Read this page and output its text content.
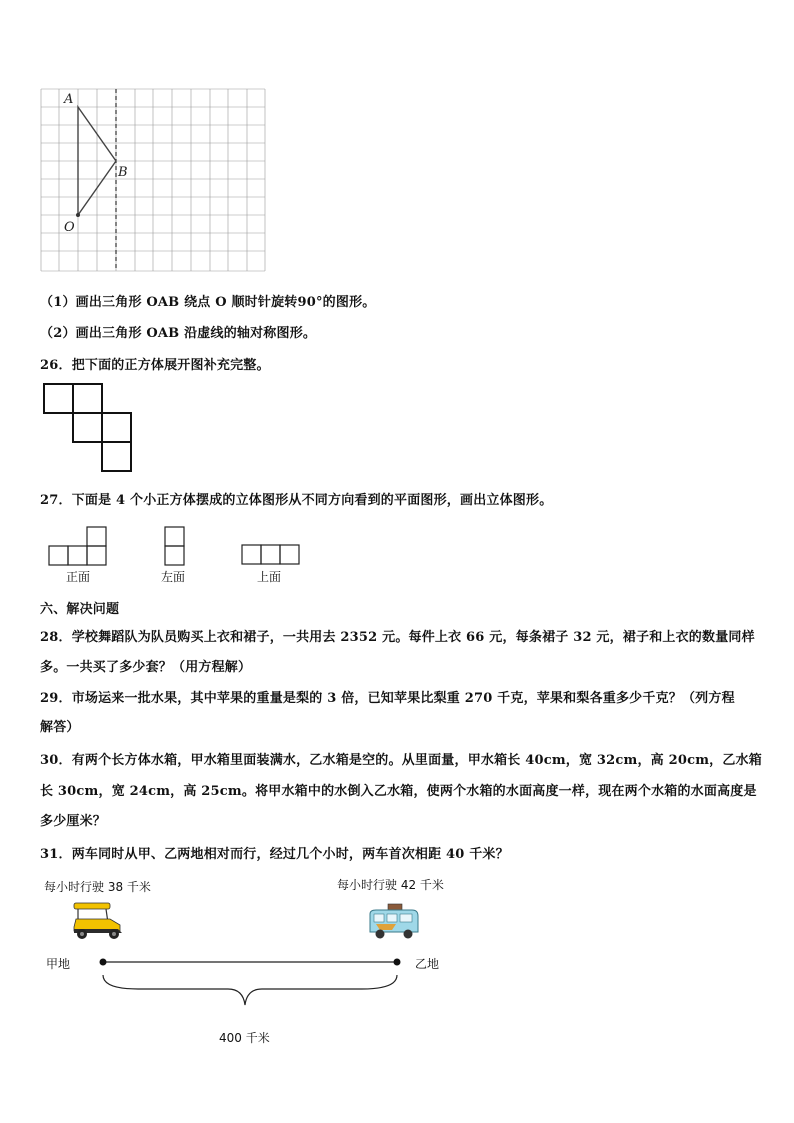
A
B
O
（1）画出三角形 OAB 绕点 O 顺时针旋转90°的图形。
（2）画出三角形 OAB 沿虚线的轴对称图形。
26．把下面的正方体展开图补充完整。
27．下面是 4 个小正方体摆成的立体图形从不同方向看到的平面图形，画出立体图形。
正面	左面	上面
六、解决问题
28．学校舞蹈队为队员购买上衣和裙子，一共用去 2352 元。每件上衣 66 元，每条裙子 32 元，裙子和上衣的数量同样
多。一共买了多少套？（用方程解）
29．市场运来一批水果，其中苹果的重量是梨的 3 倍，已知苹果比梨重 270 千克，苹果和梨各重多少千克？（列方程
解答）
30．有两个长方体水箱，甲水箱里面装满水，乙水箱是空的。从里面量，甲水箱长 40cm，宽 32cm，高 20cm，乙水箱
长 30cm，宽 24cm，高 25cm。将甲水箱中的水倒入乙水箱，使两个水箱的水面高度一样，现在两个水箱的水面高度是
多少厘米？
31．两车同时从甲、乙两地相对而行，经过几个小时，两车首次相距 40 千米？
每小时行驶 38 千米	每小时行驶 42 千米
甲地	乙地
400 千米
